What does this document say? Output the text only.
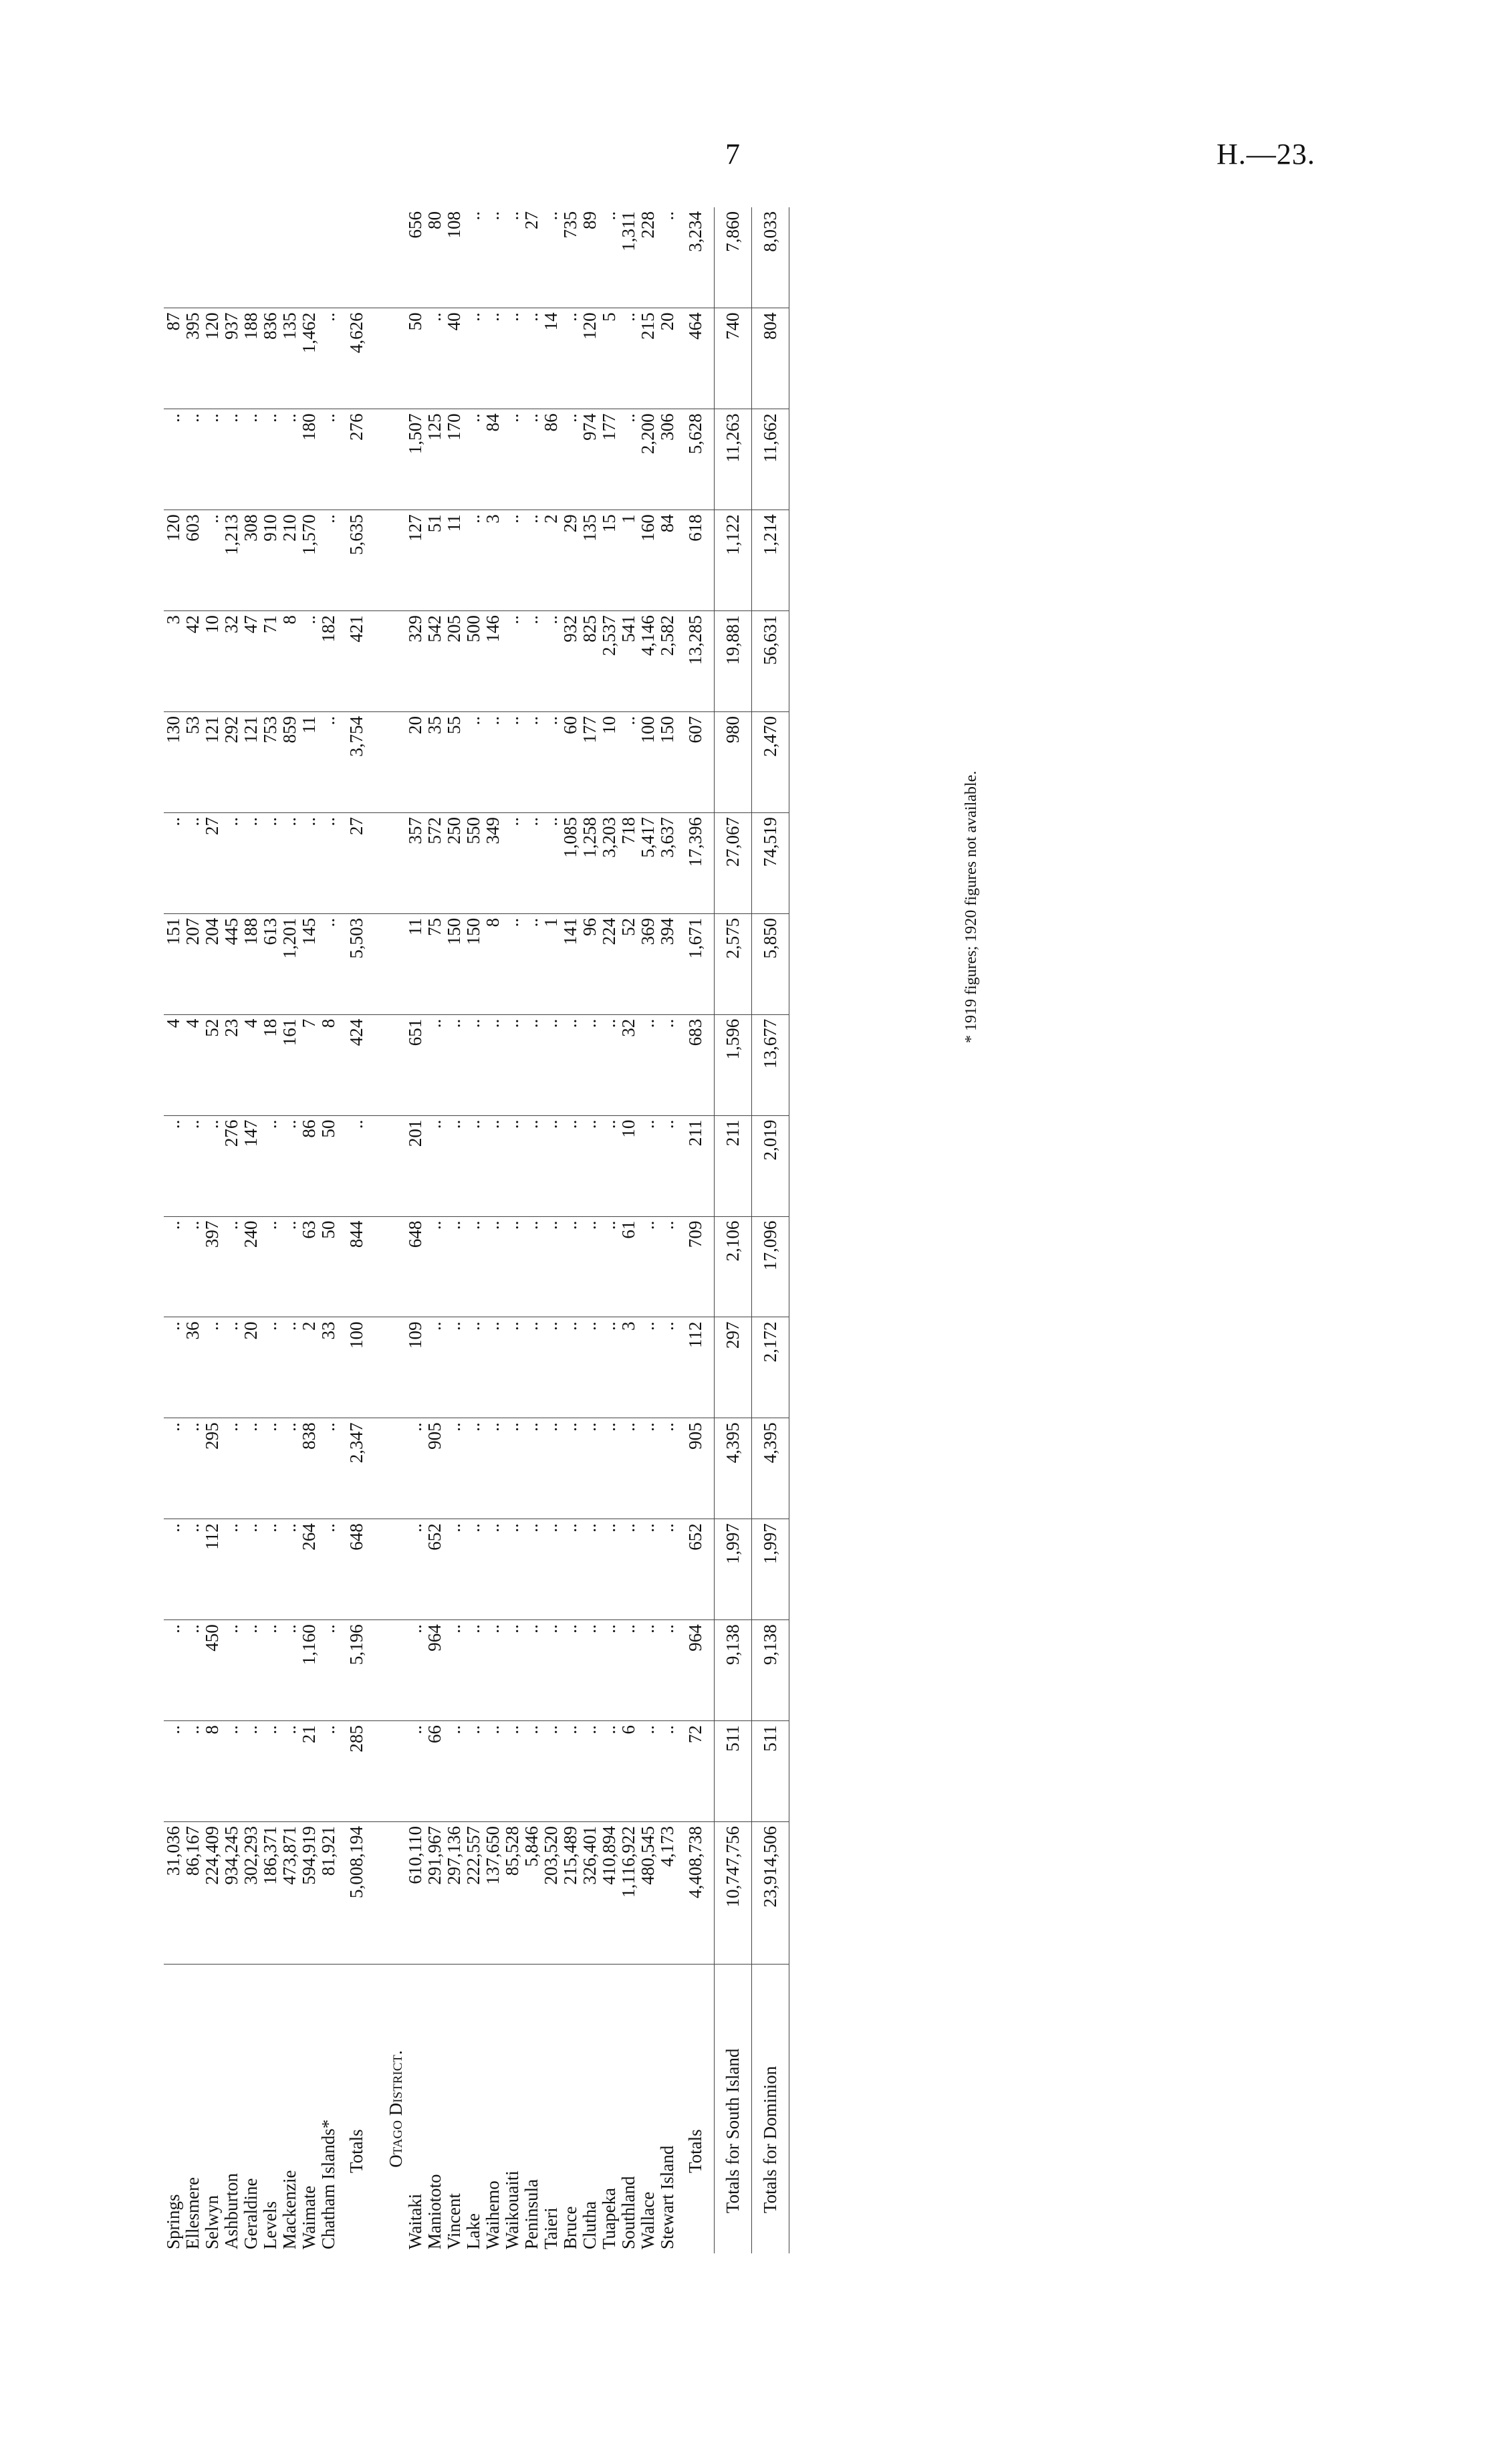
7	H.—23.
Springs	31,036	..	..	..	..	..	..	..	4	151	..	130	3	120	..	87	
Ellesmere	86,167	..	..	..	..	36	..	..	4	207	..	53	42	603	..	395	
Selwyn	224,409	8	450	112	295	..	397	..	52	204	27	121	10	..	..	120	
Ashburton	934,245	..	..	..	..	..	..	276	23	445	..	292	32	1,213	..	937	
Geraldine	302,293	..	..	..	..	20	240	147	4	188	..	121	47	308	..	188	
Levels	186,371	..	..	..	..	..	..	..	18	613	..	753	71	910	..	836	
Mackenzie	473,871	..	..	..	..	..	..	..	161	1,201	..	859	8	210	..	135	
Waimate	594,919	21	1,160	264	838	2	63	86	7	145	..	11	..	1,570	180	1,462	
Chatham Islands*	81,921	..	..	..	..	33	50	50	8	..	..	..	182	..	..	..	
Totals	5,008,194	285	5,196	648	2,347	100	844	..	424	5,503	27	3,754	421	5,635	276	4,626	
Otago District.																	
Waitaki	610,110	..	..	..	..	109	648	201	651	11	357	20	329	127	1,507	50	656
Maniototo	291,967	66	964	652	905	..	..	..	..	75	572	35	542	51	125	..	80
Vincent	297,136	..	..	..	..	..	..	..	..	150	250	55	205	11	170	40	108
Lake	222,557	..	..	..	..	..	..	..	..	150	550	..	500	..	..	..	..
Waihemo	137,650	..	..	..	..	..	..	..	..	8	349	..	146	3	84	..	..
Waikouaiti	85,528	..	..	..	..	..	..	..	..	..	..	..	..	..	..	..	..
Peninsula	5,846	..	..	..	..	..	..	..	..	..	..	..	..	..	..	..	27
Taieri	203,520	..	..	..	..	..	..	..	..	1	..	..	..	2	86	14	..
Bruce	215,489	..	..	..	..	..	..	..	..	141	1,085	60	932	29	..	..	735
Clutha	326,401	..	..	..	..	..	..	..	..	96	1,258	177	825	135	974	120	89
Tuapeka	410,894	..	..	..	..	..	..	..	..	224	3,203	10	2,537	15	177	5	..
Southland	1,116,922	6	..	..	..	3	61	10	32	52	718	..	541	1	..	..	1,311
Wallace	480,545	..	..	..	..	..	..	..	..	369	5,417	100	4,146	160	2,200	215	228
Stewart Island	4,173	..	..	..	..	..	..	..	..	394	3,637	150	2,582	84	306	20	..
Totals	4,408,738	72	964	652	905	112	709	211	683	1,671	17,396	607	13,285	618	5,628	464	3,234
Totals for South Island	10,747,756	511	9,138	1,997	4,395	297	2,106	211	1,596	2,575	27,067	980	19,881	1,122	11,263	740	7,860
Totals for Dominion	23,914,506	511	9,138	1,997	4,395	2,172	17,096	2,019	13,677	5,850	74,519	2,470	56,631	1,214	11,662	804	8,033
* 1919 figures; 1920 figures not available.
